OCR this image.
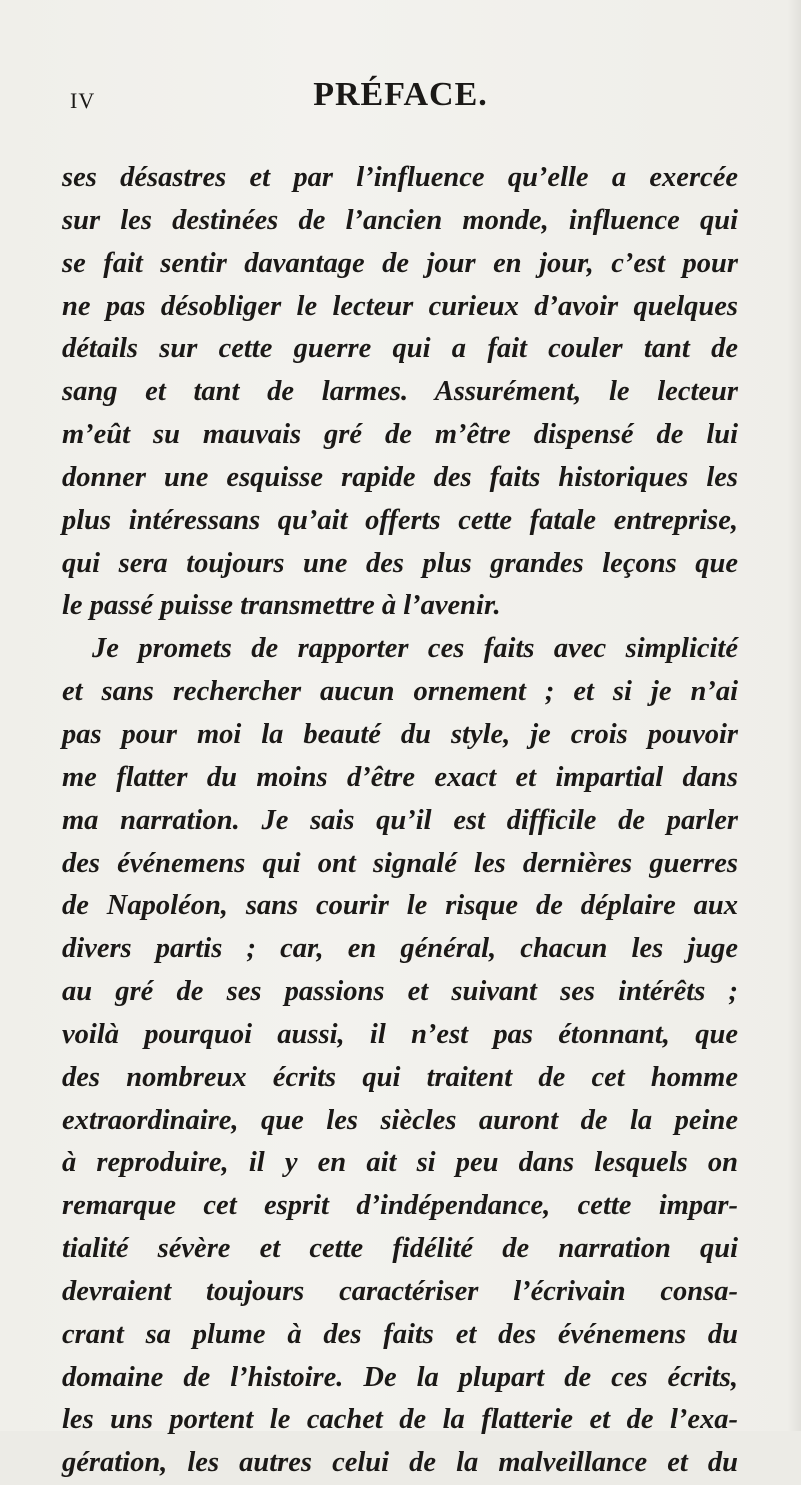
IV	PRÉFACE.
ses désastres et par l’influence qu’elle a exercée
sur les destinées de l’ancien monde, influence qui
se fait sentir davantage de jour en jour, c’est pour
ne pas désobliger le lecteur curieux d’avoir quelques
détails sur cette guerre qui a fait couler tant de
sang et tant de larmes. Assurément, le lecteur
m’eût su mauvais gré de m’être dispensé de lui
donner une esquisse rapide des faits historiques les
plus intéressans qu’ait offerts cette fatale entreprise,
qui sera toujours une des plus grandes leçons que
le passé puisse transmettre à l’avenir.
Je promets de rapporter ces faits avec simplicité
et sans rechercher aucun ornement ; et si je n’ai
pas pour moi la beauté du style, je crois pouvoir
me flatter du moins d’être exact et impartial dans
ma narration. Je sais qu’il est difficile de parler
des événemens qui ont signalé les dernières guerres
de Napoléon, sans courir le risque de déplaire aux
divers partis ; car, en général, chacun les juge
au gré de ses passions et suivant ses intérêts ;
voilà pourquoi aussi, il n’est pas étonnant, que
des nombreux écrits qui traitent de cet homme
extraordinaire, que les siècles auront de la peine
à reproduire, il y en ait si peu dans lesquels on
remarque cet esprit d’indépendance, cette impar-
tialité sévère et cette fidélité de narration qui
devraient toujours caractériser l’écrivain consa-
crant sa plume à des faits et des événemens du
domaine de l’histoire. De la plupart de ces écrits,
les uns portent le cachet de la flatterie et de l’exa-
gération, les autres celui de la malveillance et du
